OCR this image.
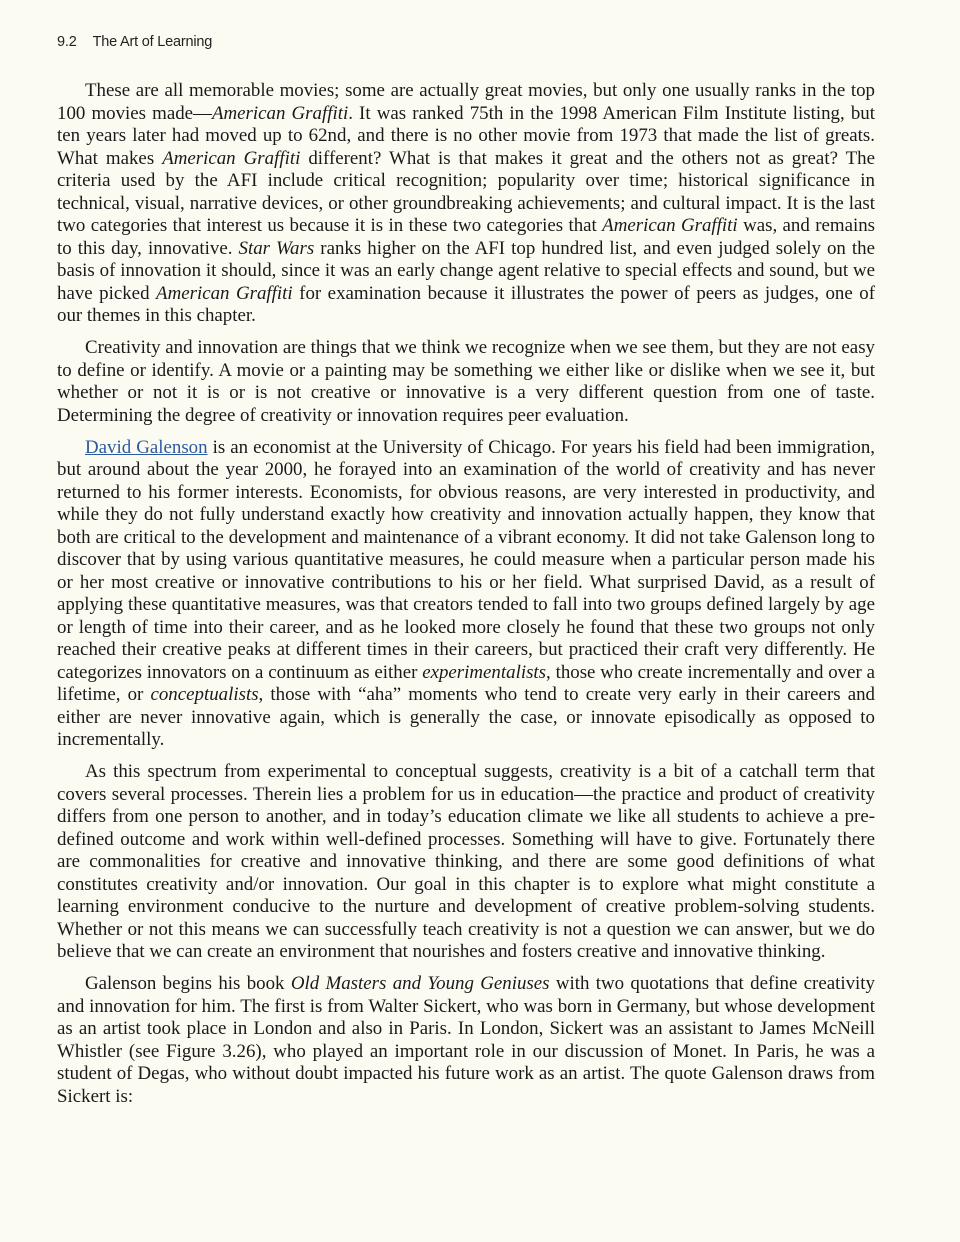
9.2 The Art of Learning

These are all memorable movies; some are actually great movies, but only one usually ranks in the top 100 movies made—American Graffiti. It was ranked 75th in the 1998 American Film Institute listing, but ten years later had moved up to 62nd, and there is no other movie from 1973 that made the list of greats. What makes American Graffiti different? What is that makes it great and the others not as great? The criteria used by the AFI include critical recognition; popularity over time; historical significance in technical, visual, narrative devices, or other groundbreaking achievements; and cultural impact. It is the last two categories that interest us because it is in these two categories that American Graffiti was, and remains to this day, innovative. Star Wars ranks higher on the AFI top hundred list, and even judged solely on the basis of innovation it should, since it was an early change agent relative to special effects and sound, but we have picked American Graffiti for examination because it illustrates the power of peers as judges, one of our themes in this chapter.

Creativity and innovation are things that we think we recognize when we see them, but they are not easy to define or identify. A movie or a painting may be something we either like or dislike when we see it, but whether or not it is or is not creative or innovative is a very different question from one of taste. Determining the degree of creativity or innovation requires peer evaluation.

David Galenson is an economist at the University of Chicago. For years his field had been immigration, but around about the year 2000, he forayed into an examination of the world of creativity and has never returned to his former interests. Economists, for obvious reasons, are very interested in productivity, and while they do not fully understand exactly how creativity and innovation actually happen, they know that both are critical to the development and maintenance of a vibrant economy. It did not take Galenson long to discover that by using various quantitative measures, he could measure when a particular person made his or her most creative or innovative contributions to his or her field. What surprised David, as a result of applying these quantitative measures, was that creators tended to fall into two groups defined largely by age or length of time into their career, and as he looked more closely he found that these two groups not only reached their creative peaks at different times in their careers, but practiced their craft very differently. He categorizes innovators on a continuum as either experimentalists, those who create incrementally and over a lifetime, or conceptualists, those with “aha” moments who tend to create very early in their careers and either are never innovative again, which is generally the case, or innovate episodically as opposed to incrementally.

As this spectrum from experimental to conceptual suggests, creativity is a bit of a catchall term that covers several processes. Therein lies a problem for us in education—the practice and product of creativity differs from one person to another, and in today’s education climate we like all students to achieve a pre-defined outcome and work within well-defined processes. Something will have to give. Fortunately there are commonalities for creative and innovative thinking, and there are some good definitions of what constitutes creativity and/or innovation. Our goal in this chapter is to explore what might constitute a learning environment conducive to the nurture and development of creative problem-solving students. Whether or not this means we can successfully teach creativity is not a question we can answer, but we do believe that we can create an environment that nourishes and fosters creative and innovative thinking.

Galenson begins his book Old Masters and Young Geniuses with two quotations that define creativity and innovation for him. The first is from Walter Sickert, who was born in Germany, but whose development as an artist took place in London and also in Paris. In London, Sickert was an assistant to James McNeill Whistler (see Figure 3.26), who played an important role in our discussion of Monet. In Paris, he was a student of Degas, who without doubt impacted his future work as an artist. The quote Galenson draws from Sickert is:
